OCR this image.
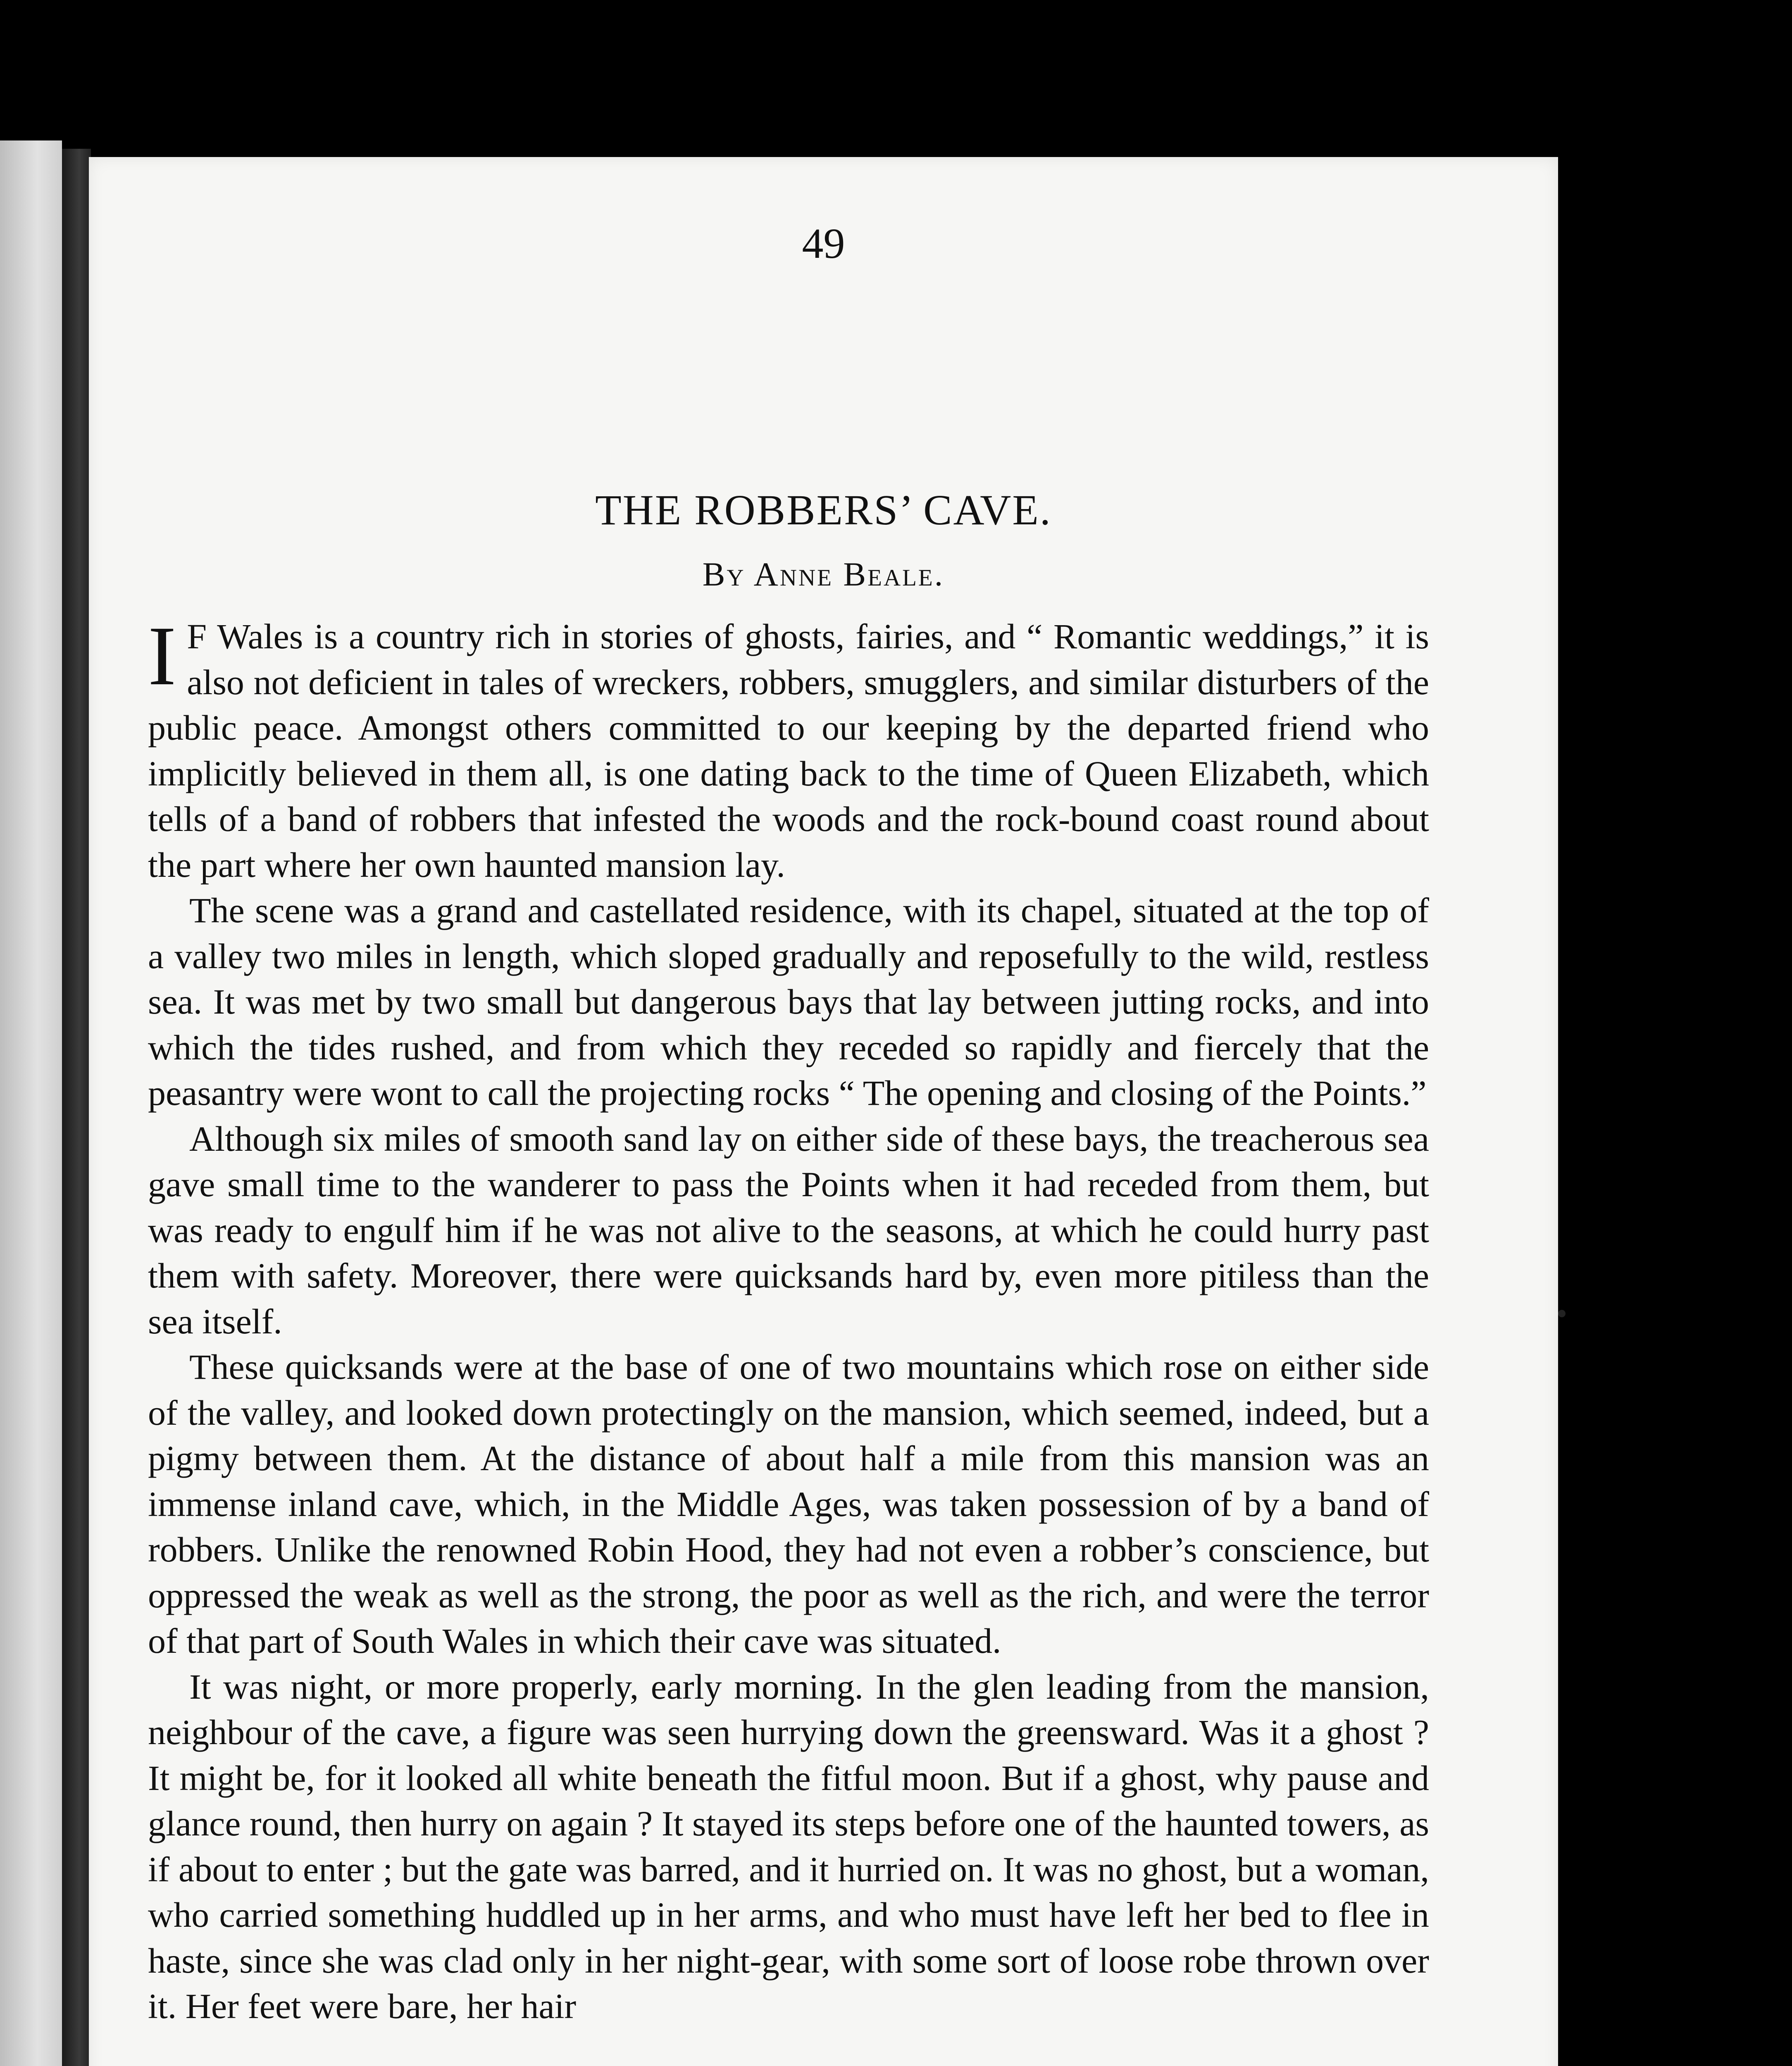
49
THE ROBBERS’ CAVE.
By Anne Beale.

I F Wales is a country rich in stories of ghosts, fairies, and “ Romantic weddings,” it is also not deficient in tales of wreckers, robbers, smugglers, and similar disturbers of the public peace. Amongst others committed to our keeping by the departed friend who implicitly believed in them all, is one dating back to the time of Queen Elizabeth, which tells of a band of robbers that infested the woods and the rock-bound coast round about the part where her own haunted mansion lay.

The scene was a grand and castellated residence, with its chapel, situated at the top of a valley two miles in length, which sloped gradually and reposefully to the wild, restless sea. It was met by two small but dangerous bays that lay between jutting rocks, and into which the tides rushed, and from which they receded so rapidly and fiercely that the peasantry were wont to call the projecting rocks “ The opening and closing of the Points.”

Although six miles of smooth sand lay on either side of these bays, the treacherous sea gave small time to the wanderer to pass the Points when it had receded from them, but was ready to engulf him if he was not alive to the seasons, at which he could hurry past them with safety. Moreover, there were quicksands hard by, even more pitiless than the sea itself.

These quicksands were at the base of one of two mountains which rose on either side of the valley, and looked down protectingly on the mansion, which seemed, indeed, but a pigmy between them. At the distance of about half a mile from this mansion was an immense inland cave, which, in the Middle Ages, was taken possession of by a band of robbers. Unlike the renowned Robin Hood, they had not even a robber’s conscience, but oppressed the weak as well as the strong, the poor as well as the rich, and were the terror of that part of South Wales in which their cave was situated.

It was night, or more properly, early morning. In the glen leading from the mansion, neighbour of the cave, a figure was seen hurrying down the greensward. Was it a ghost ? It might be, for it looked all white beneath the fitful moon. But if a ghost, why pause and glance round, then hurry on again ? It stayed its steps before one of the haunted towers, as if about to enter ; but the gate was barred, and it hurried on. It was no ghost, but a woman, who carried something huddled up in her arms, and who must have left her bed to flee in haste, since she was clad only in her night-gear, with some sort of loose robe thrown over it. Her feet were bare, her hair
